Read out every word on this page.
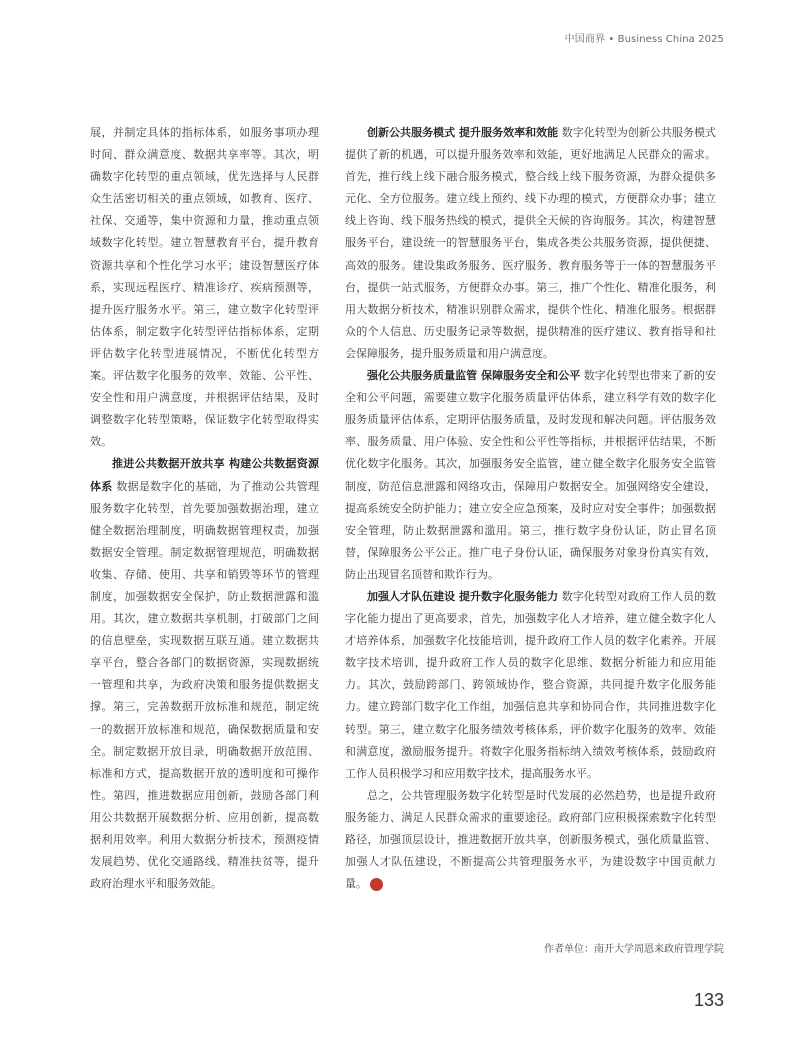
中国商界 • Business China 2025

展，并制定具体的指标体系，如服务事项办理时间、群众满意度、数据共享率等。其次，明确数字化转型的重点领域，优先选择与人民群众生活密切相关的重点领域，如教育、医疗、社保、交通等，集中资源和力量，推动重点领域数字化转型。建立智慧教育平台，提升教育资源共享和个性化学习水平；建设智慧医疗体系，实现远程医疗、精准诊疗、疾病预测等，提升医疗服务水平。第三，建立数字化转型评估体系，制定数字化转型评估指标体系，定期评估数字化转型进展情况，不断优化转型方案。评估数字化服务的效率、效能、公平性、安全性和用户满意度，并根据评估结果，及时调整数字化转型策略，保证数字化转型取得实效。

推进公共数据开放共享 构建公共数据资源体系 数据是数字化的基础，为了推动公共管理服务数字化转型，首先要加强数据治理，建立健全数据治理制度，明确数据管理权责，加强数据安全管理。制定数据管理规范，明确数据收集、存储、使用、共享和销毁等环节的管理制度，加强数据安全保护，防止数据泄露和滥用。其次，建立数据共享机制，打破部门之间的信息壁垒，实现数据互联互通。建立数据共享平台，整合各部门的数据资源，实现数据统一管理和共享，为政府决策和服务提供数据支撑。第三，完善数据开放标准和规范，制定统一的数据开放标准和规范，确保数据质量和安全。制定数据开放目录，明确数据开放范围、标准和方式，提高数据开放的透明度和可操作性。第四，推进数据应用创新，鼓励各部门利用公共数据开展数据分析、应用创新，提高数据利用效率。利用大数据分析技术，预测疫情发展趋势、优化交通路线、精准扶贫等，提升政府治理水平和服务效能。

创新公共服务模式 提升服务效率和效能 数字化转型为创新公共服务模式提供了新的机遇，可以提升服务效率和效能，更好地满足人民群众的需求。首先，推行线上线下融合服务模式，整合线上线下服务资源，为群众提供多元化、全方位服务。建立线上预约、线下办理的模式，方便群众办事；建立线上咨询、线下服务热线的模式，提供全天候的咨询服务。其次，构建智慧服务平台，建设统一的智慧服务平台，集成各类公共服务资源，提供便捷、高效的服务。建设集政务服务、医疗服务、教育服务等于一体的智慧服务平台，提供一站式服务，方便群众办事。第三，推广个性化、精准化服务，利用大数据分析技术，精准识别群众需求，提供个性化、精准化服务。根据群众的个人信息、历史服务记录等数据，提供精准的医疗建议、教育指导和社会保障服务，提升服务质量和用户满意度。

强化公共服务质量监管 保障服务安全和公平 数字化转型也带来了新的安全和公平问题，需要建立数字化服务质量评估体系，建立科学有效的数字化服务质量评估体系，定期评估服务质量，及时发现和解决问题。评估服务效率、服务质量、用户体验、安全性和公平性等指标，并根据评估结果，不断优化数字化服务。其次，加强服务安全监管，建立健全数字化服务安全监管制度，防范信息泄露和网络攻击，保障用户数据安全。加强网络安全建设，提高系统安全防护能力；建立安全应急预案，及时应对安全事件；加强数据安全管理，防止数据泄露和滥用。第三，推行数字身份认证，防止冒名顶替，保障服务公平公正。推广电子身份认证，确保服务对象身份真实有效，防止出现冒名顶替和欺诈行为。

加强人才队伍建设 提升数字化服务能力 数字化转型对政府工作人员的数字化能力提出了更高要求，首先，加强数字化人才培养，建立健全数字化人才培养体系，加强数字化技能培训，提升政府工作人员的数字化素养。开展数字技术培训，提升政府工作人员的数字化思维、数据分析能力和应用能力。其次，鼓励跨部门、跨领域协作，整合资源，共同提升数字化服务能力。建立跨部门数字化工作组，加强信息共享和协同合作，共同推进数字化转型。第三，建立数字化服务绩效考核体系，评价数字化服务的效率、效能和满意度，激励服务提升。将数字化服务指标纳入绩效考核体系，鼓励政府工作人员积极学习和应用数字技术，提高服务水平。

总之，公共管理服务数字化转型是时代发展的必然趋势，也是提升政府服务能力、满足人民群众需求的重要途径。政府部门应积极探索数字化转型路径，加强顶层设计，推进数据开放共享，创新服务模式，强化质量监管、加强人才队伍建设，不断提高公共管理服务水平，为建设数字中国贡献力量。	商

作者单位：南开大学周恩来政府管理学院
133
